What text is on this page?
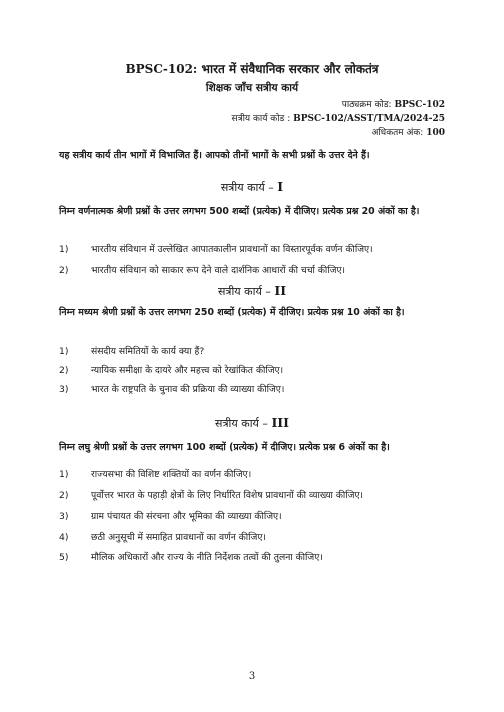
BPSC-102: भारत में संवैधानिक सरकार और लोकतंत्र
शिक्षक जाँच सत्रीय कार्य
पाठ्यक्रम कोड: BPSC-102
सत्रीय कार्य कोड : BPSC-102/ASST/TMA/2024-25
अधिकतम अंक: 100
यह सत्रीय कार्य तीन भागों में विभाजित हैं। आपको तीनों भागों के सभी प्रश्नों के उत्तर देने हैं।
सत्रीय कार्य – I
निम्न वर्णनात्मक श्रेणी प्रश्नों के उत्तर लगभग 500 शब्दों (प्रत्येक) में दीजिए। प्रत्येक प्रश्न 20 अंकों का है।
1) भारतीय संविधान में उल्लेखित आपातकालीन प्रावधानों का विस्तारपूर्वक वर्णन कीजिए।
2) भारतीय संविधान को साकार रूप देने वाले दार्शनिक आधारों की चर्चा कीजिए।
सत्रीय कार्य – II
निम्न मध्यम श्रेणी प्रश्नों के उत्तर लगभग 250 शब्दों (प्रत्येक) में दीजिए। प्रत्येक प्रश्न 10 अंकों का है।
1) संसदीय समितियों के कार्य क्या हैं?
2) न्यायिक समीक्षा के दायरे और महत्त्व को रेखांकित कीजिए।
3) भारत के राष्ट्रपति के चुनाव की प्रक्रिया की व्याख्या कीजिए।
सत्रीय कार्य – III
निम्न लघु श्रेणी प्रश्नों के उत्तर लगभग 100 शब्दों (प्रत्येक) में दीजिए। प्रत्येक प्रश्न 6 अंकों का है।
1) राज्यसभा की विशिष्ट शक्तियों का वर्णन कीजिए।
2) पूर्वोत्तर भारत के पहाड़ी क्षेत्रों के लिए निर्धारित विशेष प्रावधानों की व्याख्या कीजिए।
3) ग्राम पंचायत की संरचना और भूमिका की व्याख्या कीजिए।
4) छठी अनुसूची में समाहित प्रावधानों का वर्णन कीजिए।
5) मौलिक अधिकारों और राज्य के नीति निर्देशक तत्वों की तुलना कीजिए।
3
